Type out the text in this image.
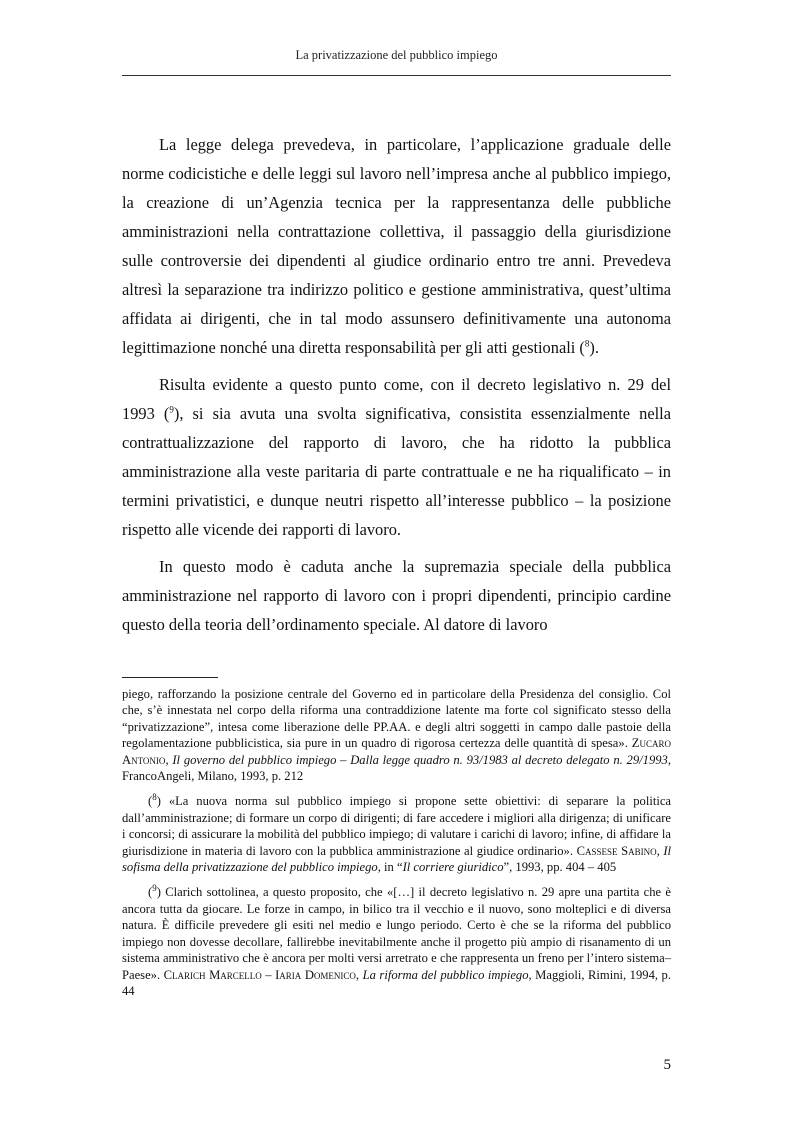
La privatizzazione del pubblico impiego

La legge delega prevedeva, in particolare, l’applicazione graduale delle norme codicistiche e delle leggi sul lavoro nell’impresa anche al pubblico impiego, la creazione di un’Agenzia tecnica per la rappresentanza delle pubbliche amministrazioni nella contrattazione collettiva, il passaggio della giurisdizione sulle controversie dei dipendenti al giudice ordinario entro tre anni. Prevedeva altresì la separazione tra indirizzo politico e gestione amministrativa, quest’ultima affidata ai dirigenti, che in tal modo assunsero definitivamente una autonoma legittimazione nonché una diretta responsabilità per gli atti gestionali ($^8$).

Risulta evidente a questo punto come, con il decreto legislativo n. 29 del 1993 ($^9$), si sia avuta una svolta significativa, consistita essenzialmente nella contrattualizzazione del rapporto di lavoro, che ha ridotto la pubblica amministrazione alla veste paritaria di parte contrattuale e ne ha riqualificato – in termini privatistici, e dunque neutri rispetto all’interesse pubblico – la posizione rispetto alle vicende dei rapporti di lavoro.

In questo modo è caduta anche la supremazia speciale della pubblica amministrazione nel rapporto di lavoro con i propri dipendenti, principio cardine questo della teoria dell’ordinamento speciale. Al datore di lavoro

piego, rafforzando la posizione centrale del Governo ed in particolare della Presidenza del consiglio. Col che, s’è innestata nel corpo della riforma una contraddizione latente ma forte col significato stesso della “privatizzazione”, intesa come liberazione delle PP.AA. e degli altri soggetti in campo dalle pastoie della regolamentazione pubblicistica, sia pure in un quadro di rigorosa certezza delle quantità di spesa». Zucaro Antonio, Il governo del pubblico impiego – Dalla legge quadro n. 93/1983 al decreto delegato n. 29/1993, FrancoAngeli, Milano, 1993, p. 212

($^8$) «La nuova norma sul pubblico impiego si propone sette obiettivi: di separare la politica dall’amministrazione; di formare un corpo di dirigenti; di fare accedere i migliori alla dirigenza; di unificare i concorsi; di assicurare la mobilità del pubblico impiego; di valutare i carichi di lavoro; infine, di affidare la giurisdizione in materia di lavoro con la pubblica amministrazione al giudice ordinario». Cassese Sabino, Il sofisma della privatizzazione del pubblico impiego, in “Il corriere giuridico”, 1993, pp. 404 – 405

($^9$) Clarich sottolinea, a questo proposito, che «[…] il decreto legislativo n. 29 apre una partita che è ancora tutta da giocare. Le forze in campo, in bilico tra il vecchio e il nuovo, sono molteplici e di diversa natura. È difficile prevedere gli esiti nel medio e lungo periodo. Certo è che se la riforma del pubblico impiego non dovesse decollare, fallirebbe inevitabilmente anche il progetto più ampio di risanamento di un sistema amministrativo che è ancora per molti versi arretrato e che rappresenta un freno per l’intero sistema–Paese». Clarich Marcello – Iaria Domenico, La riforma del pubblico impiego, Maggioli, Rimini, 1994, p. 44

5
